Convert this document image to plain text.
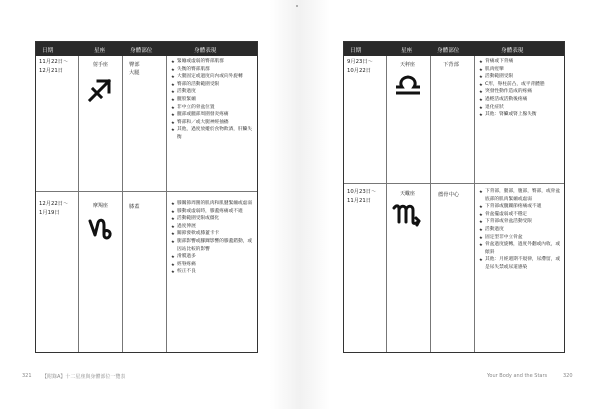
日期	星座	身體部位	身體表現
11月22日～
12月21日
射手座	臀部
大腿
★ 緊繃或虛弱的臀部肌群
★ 失衡的臀部肌群
★ 大腿固定或過度向內或向外旋轉
★ 臀部的活動範圍受限
★ 活動過度
★ 髖股緊繃
★ 非中立的骨盆位置
★ 髖部或髖部周圍發炎疼痛
★ 臀部和／或大腿神經抽搐
★ 其他，過度放縱於食物飲酒，肝臟失衡
12月22日～
1月19日
摩羯座	膝蓋
★ 膝關節周圍的肌肉和肌腱緊繃或虛弱
★ 膝動或虛弱時，膝蓋疼痛或不適
★ 活動範圍受限或僵化
★ 過度伸展
★ 關節發軟或膝蓋卡卡
★ 腿部影響或腳踝影響的膝蓋錯動，或因站比較的影響
★ 滑膜過多
★ 經脊疼痛
★ 校正不良
日期	星座	身體部位	身體表現
9月23日～
10月22日
天秤座	下背部
★ 背痛或下背痛
★ 肌肉痙攣
★ 活動範圍受限
★ C形，脊柱前凸，或平背體態
★ 突發性動作造成的疼痛
★ 過輕活或活動後疼痛
★ 退化症狀
★ 其他：腎臟或腎上腺失衡
10月23日～
11月21日
天蠍座	薦骨中心
★ 下背部，腿部，腹部，臀部，或骨盆底部的肌肉緊繃或虛弱
★ 下背部或髖關節疼痛或不適
★ 骨盆擺虛弱或不穩定
★ 下背部或骨盆活動受限
★ 活動過度
★ 固定型非中立骨盆
★ 骨盆過度旋轉，過度外翻或內收，或傾斜
★ 其他：月經週期不規律，尿滯留，或是尿失禁或尿道感染
321 【附錄A】十二星座與身體部位一覽表	Your Body and the Stars	320
